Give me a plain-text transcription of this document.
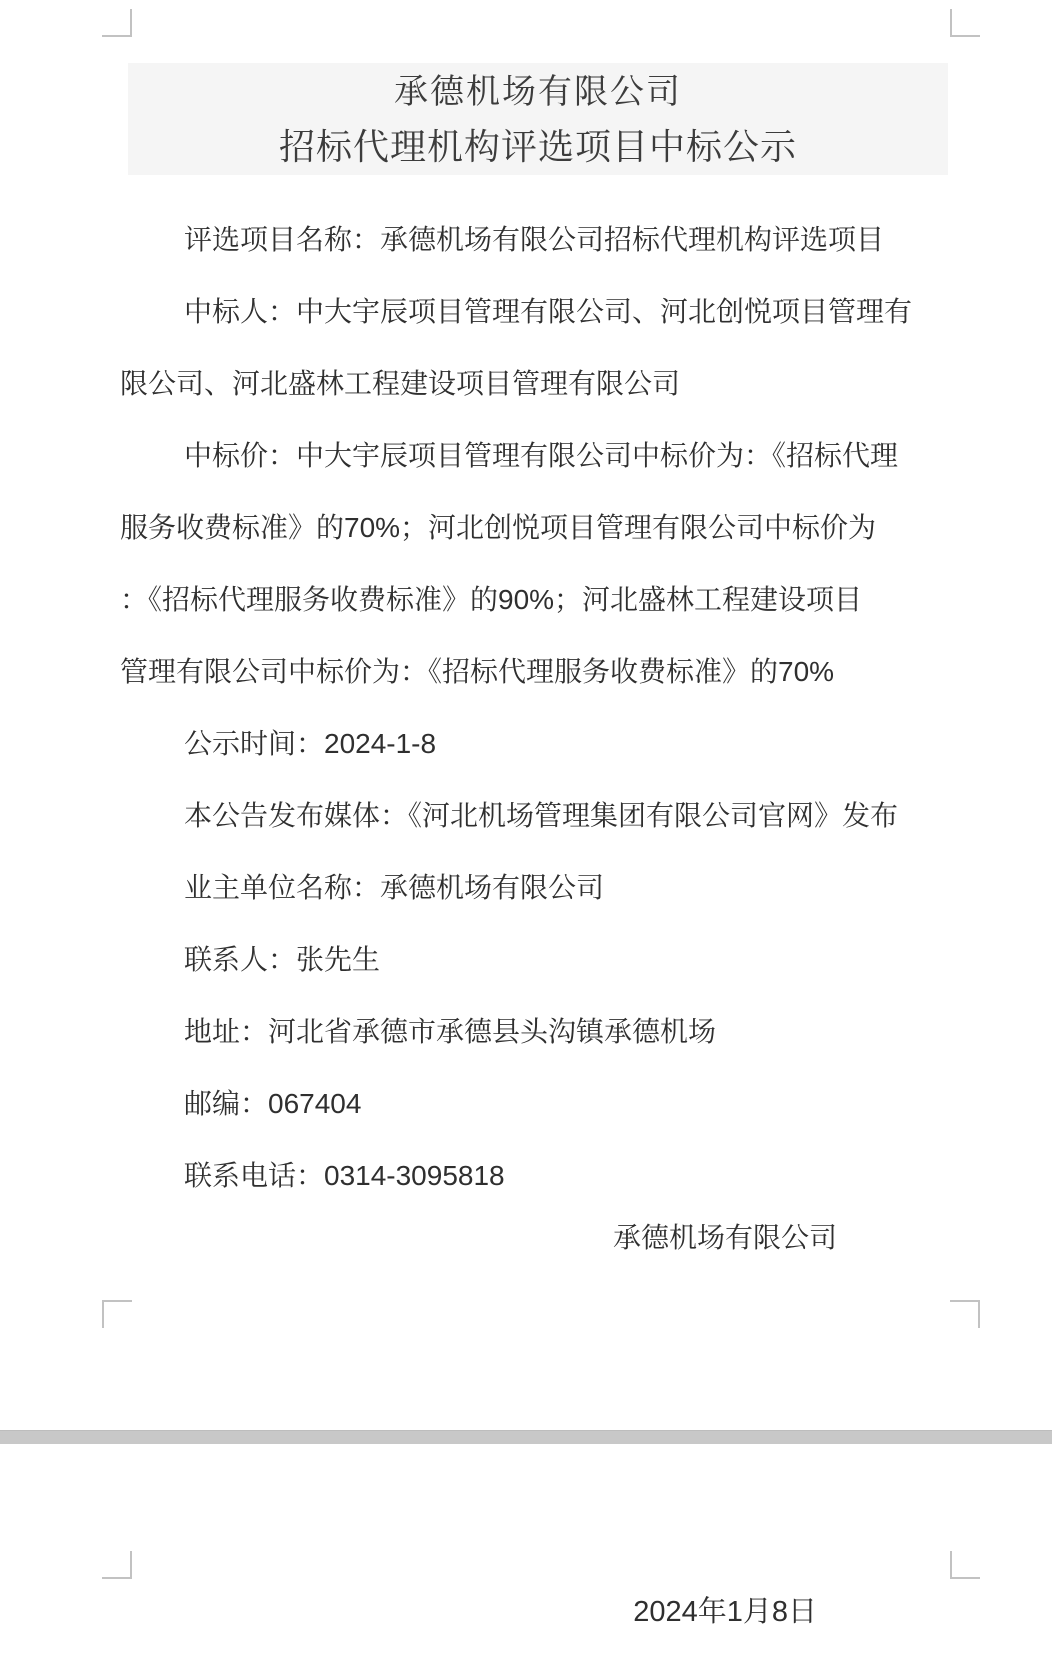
承德机场有限公司
招标代理机构评选项目中标公示
评选项目名称：承德机场有限公司招标代理机构评选项目
中标人：中大宇辰项目管理有限公司、河北创悦项目管理有
限公司、河北盛林工程建设项目管理有限公司
中标价：中大宇辰项目管理有限公司中标价为：《招标代理
服务收费标准》的70%；河北创悦项目管理有限公司中标价为
：《招标代理服务收费标准》的90%；河北盛林工程建设项目
管理有限公司中标价为：《招标代理服务收费标准》的70%
公示时间：2024-1-8
本公告发布媒体：《河北机场管理集团有限公司官网》发布
业主单位名称：承德机场有限公司
联系人：张先生
地址：河北省承德市承德县头沟镇承德机场
邮编：067404
联系电话：0314-3095818
承德机场有限公司
2024年1月8日
